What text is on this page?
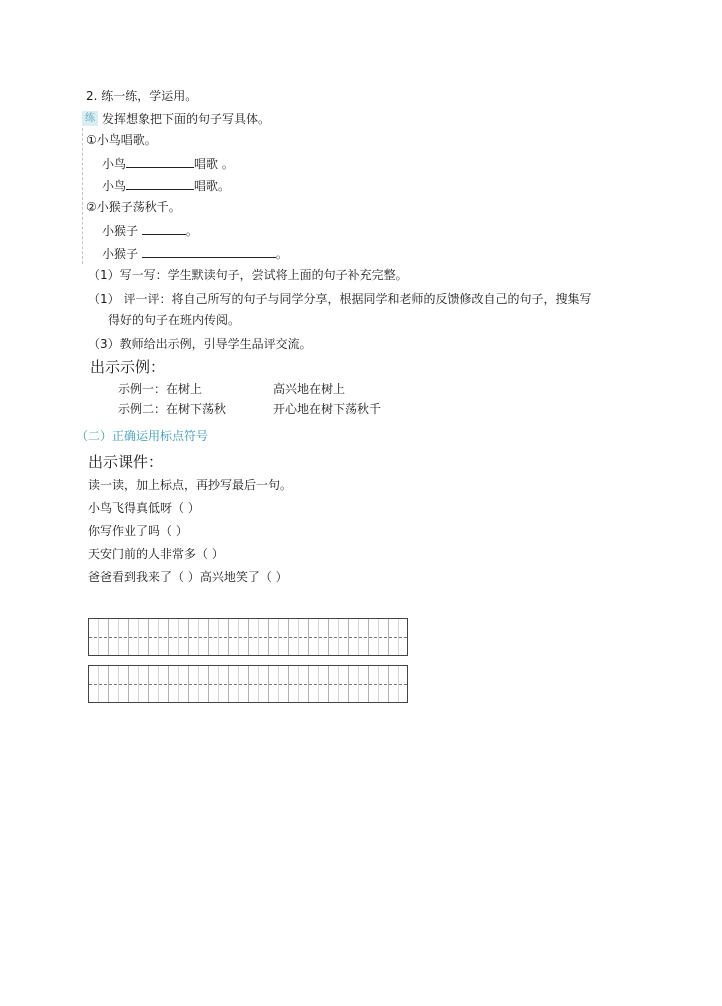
2. 练一练，学运用。
练 发挥想象把下面的句子写具体。
①小鸟唱歌。
小鸟	唱歌 。
小鸟	唱歌。
②小猴子荡秋千。
小猴子	。
小猴子	。
（1）写一写：学生默读句子，尝试将上面的句子补充完整。
（1） 评一评：将自己所写的句子与同学分享，根据同学和老师的反馈修改自己的句子，搜集写
得好的句子在班内传阅。
（3）教师给出示例，引导学生品评交流。
出示示例：
示例一：在树上	高兴地在树上
示例二：在树下荡秋	开心地在树下荡秋千
（二）正确运用标点符号
出示课件：
读一读，加上标点，再抄写最后一句。
小鸟飞得真低呀（ ）
你写作业了吗（ ）
天安门前的人非常多（ ）
爸爸看到我来了（ ）高兴地笑了（ ）
